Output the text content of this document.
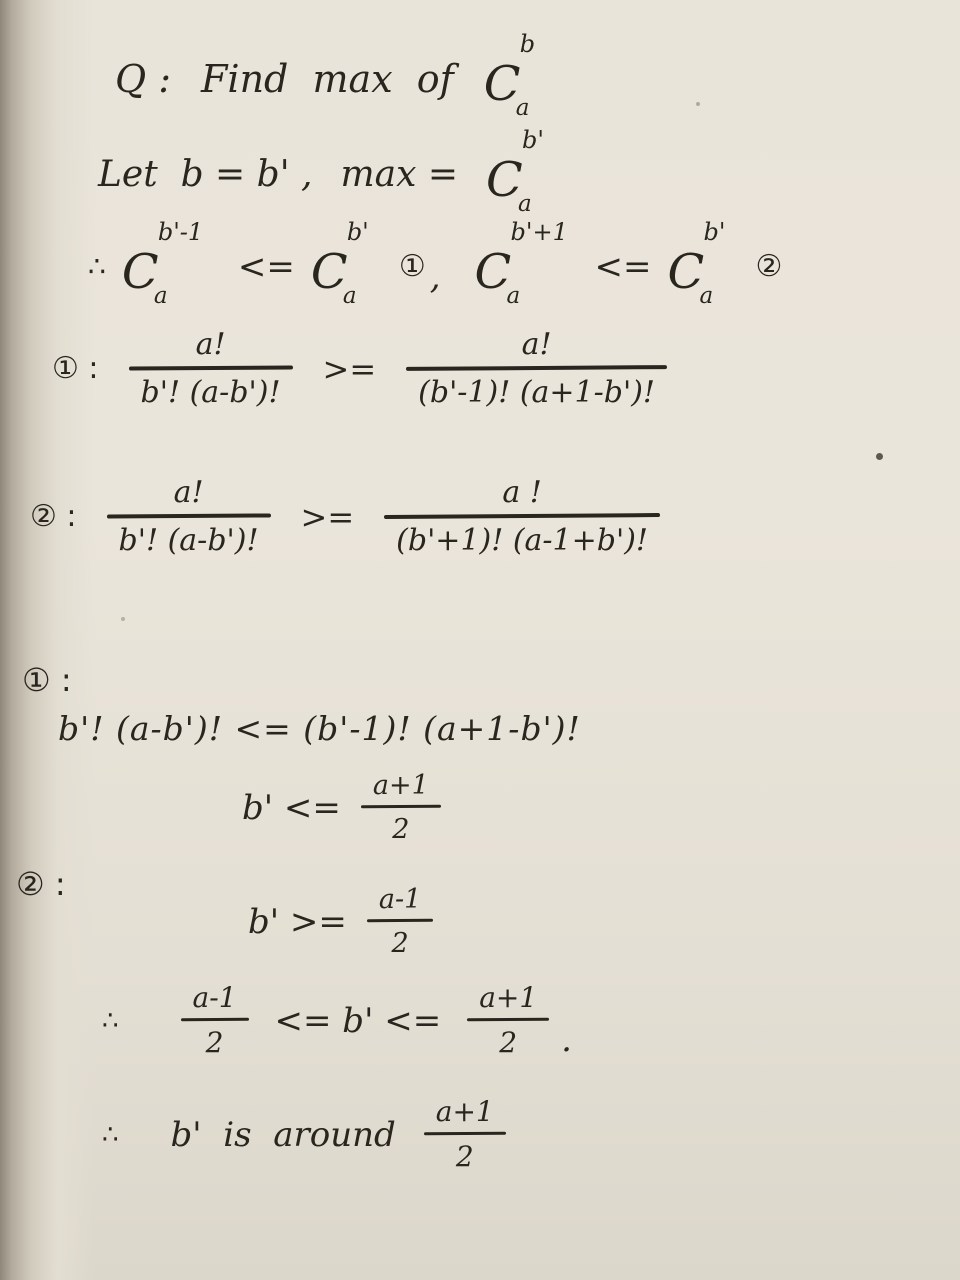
Q : Find  max  of

C

b

a

Let  b = b' , max =

C

b'

a

∴

C

b'-1

a

<=

C

b'

a

① ,

C

b'+1

a

<=

C

b'

a

②
① :
a!
b'! (a-b')!
>=
a!
(b'-1)! (a+1-b')!
② :
a!
b'! (a-b')!
>=
a !
(b'+1)! (a-1+b')!
① :
b'! (a-b')! <= (b'-1)! (a+1-b')!
$b' <= \frac{a+1}{2}$
② :
$b' >= \frac{a-1}{2}$
∴ $\frac{a-1}{2} <= b' <= \frac{a+1}{2}$ .
∴ b'  is  around $\frac{a+1}{2}$
